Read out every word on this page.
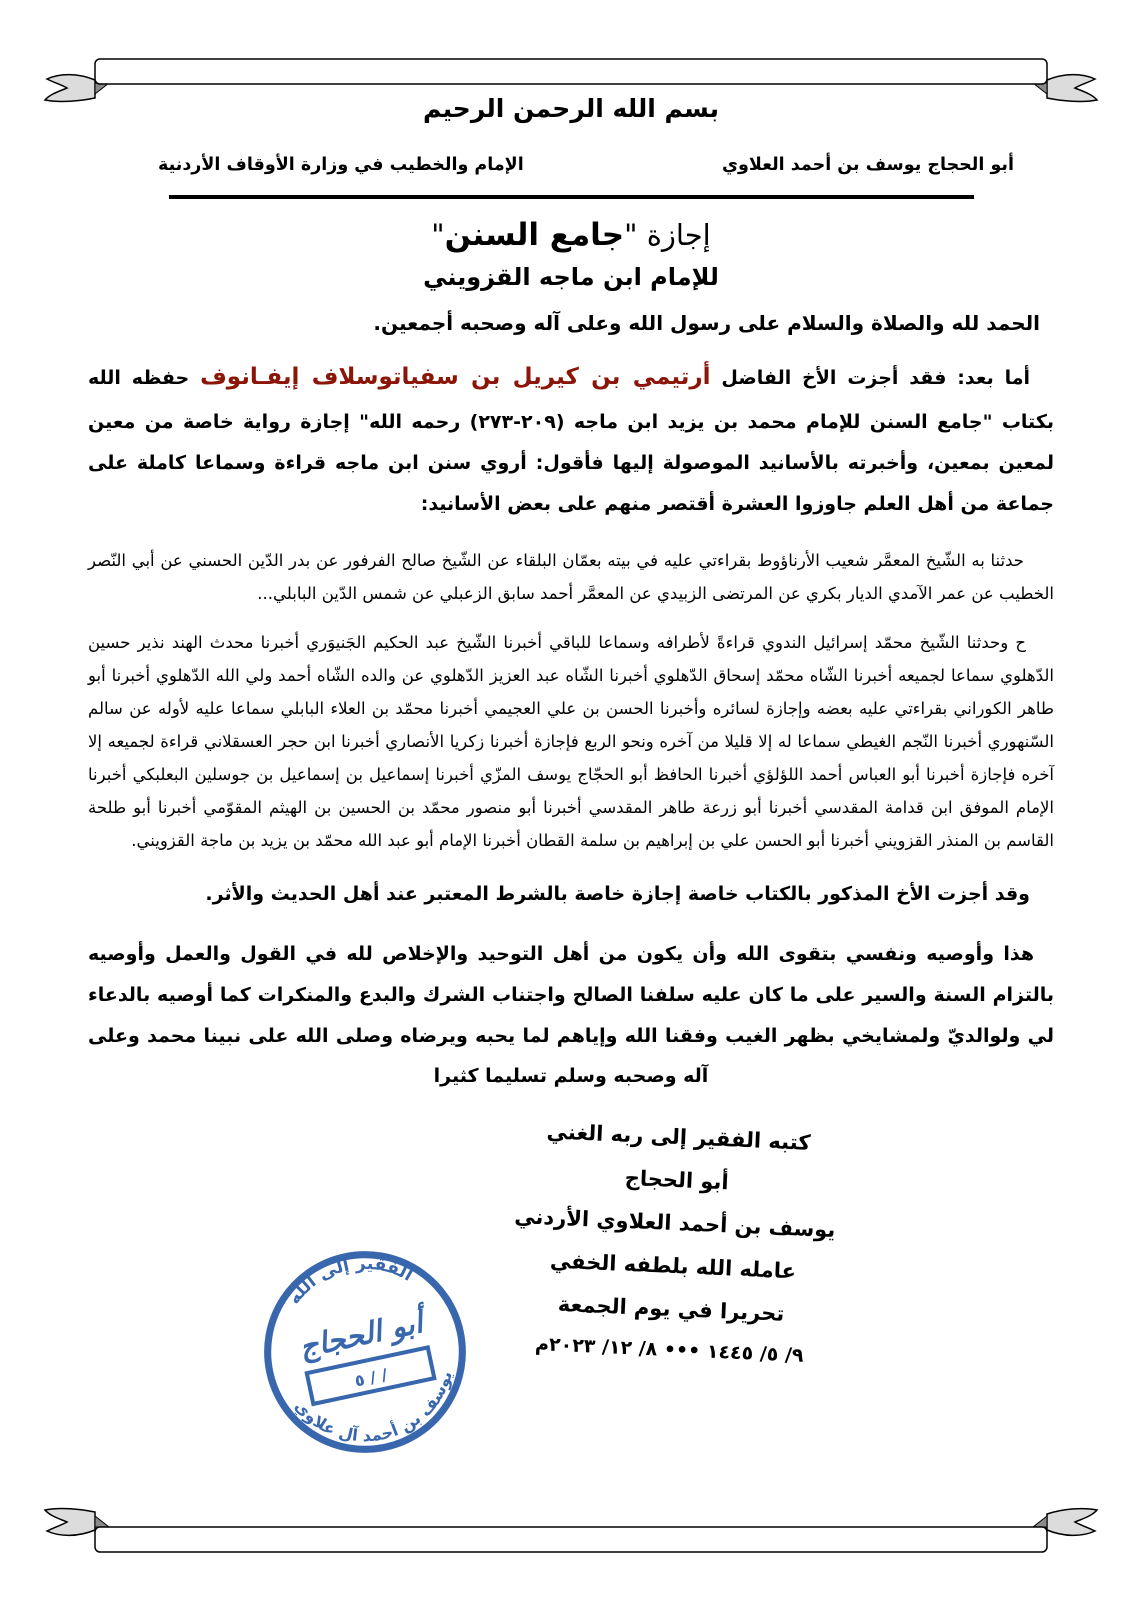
بسم الله الرحمن الرحيم
أبو الحجاج يوسف بن أحمد العلاوي
الإمام والخطيب في وزارة الأوقاف الأردنية
إجازة "جامع السنن"
للإمام ابن ماجه القزويني
الحمد لله والصلاة والسلام على رسول الله وعلى آله وصحبه أجمعين.

أما بعد: فقد أجزت الأخ الفاضل أرتيمي بن كيريل بن سفياتوسلاف إيفـانوف حفظه الله بكتاب "جامع السنن للإمام محمد بن يزيد ابن ماجه (٢٠٩-٢٧٣) رحمه الله" إجازة رواية خاصة من معين لمعين بمعين، وأخبرته بالأسانيد الموصولة إليها فأقول: أروي سنن ابن ماجه قراءة وسماعا كاملة على جماعة من أهل العلم جاوزوا العشرة أقتصر منهم على بعض الأسانيد:

حدثنا به الشّيخ المعمَّر شعيب الأرناؤوط بقراءتي عليه في بيته بعمّان البلقاء عن الشّيخ صالح الفرفور عن بدر الدّين الحسني عن أبي النّصر الخطيب عن عمر الآمدي الديار بكري عن المرتضى الزبيدي عن المعمَّر أحمد سابق الزعبلي عن شمس الدّين البابلي...

ح وحدثنا الشّيخ محمّد إسرائيل الندوي قراءةً لأطرافه وسماعا للباقي أخبرنا الشّيخ عبد الحكيم الجَنيوَري أخبرنا محدث الهند نذير حسين الدّهلوي سماعا لجميعه أخبرنا الشّاه محمّد إسحاق الدّهلوي أخبرنا الشّاه عبد العزيز الدّهلوي عن والده الشّاه أحمد ولي الله الدّهلوي أخبرنا أبو طاهر الكوراني بقراءتي عليه بعضه وإجازة لسائره وأخبرنا الحسن بن علي العجيمي أخبرنا محمّد بن العلاء البابلي سماعا عليه لأوله عن سالم السّنهوري أخبرنا النّجم الغيطي سماعا له إلا قليلا من آخره ونحو الربع فإجازة أخبرنا زكريا الأنصاري أخبرنا ابن حجر العسقلاني قراءة لجميعه إلا آخره فإجازة أخبرنا أبو العباس أحمد اللؤلؤي أخبرنا الحافظ أبو الحجّاج يوسف المزّي أخبرنا إسماعيل بن إسماعيل بن جوسلين البعلبكي أخبرنا الإمام الموفق ابن قدامة المقدسي أخبرنا أبو زرعة طاهر المقدسي أخبرنا أبو منصور محمّد بن الحسين بن الهيثم المقوّمي أخبرنا أبو طلحة القاسم بن المنذر القزويني أخبرنا أبو الحسن علي بن إبراهيم بن سلمة القطان أخبرنا الإمام أبو عبد الله محمّد بن يزيد بن ماجة القزويني.

وقد أجزت الأخ المذكور بالكتاب خاصة إجازة خاصة بالشرط المعتبر عند أهل الحديث والأثر.

هذا وأوصيه ونفسي بتقوى الله وأن يكون من أهل التوحيد والإخلاص لله في القول والعمل وأوصيه بالتزام السنة والسير على ما كان عليه سلفنا الصالح واجتناب الشرك والبدع والمنكرات كما أوصيه بالدعاء لي ولوالديّ ولمشايخي بظهر الغيب وفقنا الله وإياهم لما يحبه ويرضاه وصلى الله على نبينا محمد وعلى آله وصحبه وسلم تسليما كثيرا

كتبه الفقير إلى ربه الغني
أبو الحجاج
يوسف بن أحمد العلاوي الأردني
عامله الله بلطفه الخفي
تحريرا في يوم الجمعة
٩/ ٥/ ١٤٤٥ ••• ٨/ ١٢/ ٢٠٢٣م
الفقير إلى الله
أبو الحجاج
٥ / /
يوسف بن أحمد آل علاوي
